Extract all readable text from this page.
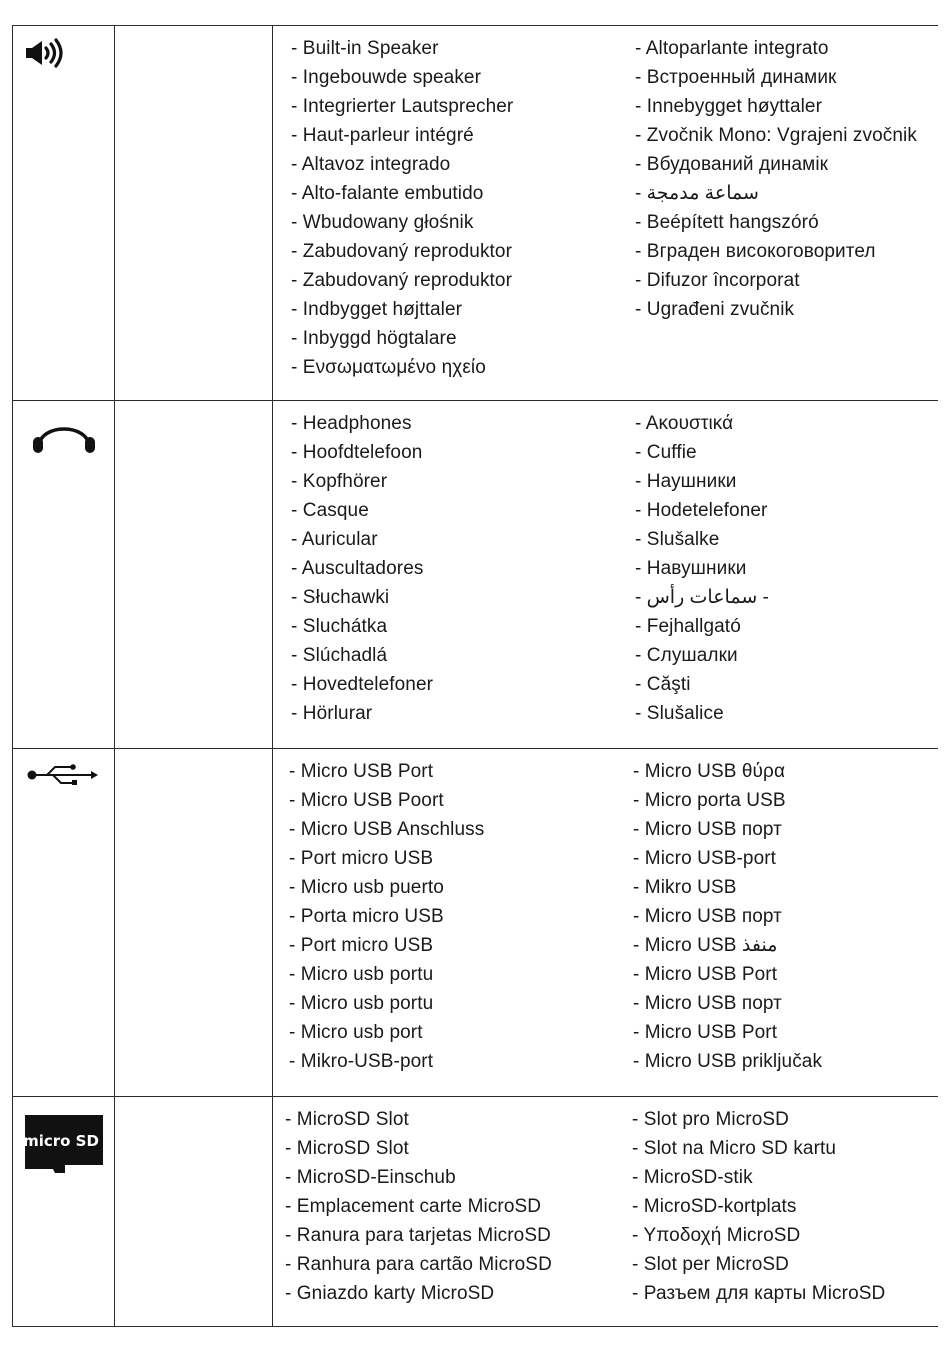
- Built-in Speaker
- Ingebouwde speaker
- Integrierter Lautsprecher
- Haut-parleur intégré
- Altavoz integrado
- Alto-falante embutido
- Wbudowany głośnik
- Zabudovaný reproduktor
- Zabudovaný reproduktor
- Indbygget højttaler
- Inbyggd högtalare
- Ενσωματωμένο ηχείο
- Altoparlante integrato
- Встроенный динамик
- Innebygget høyttaler
- Zvočnik Mono: Vgrajeni zvočnik
- Вбудований динамік
- سماعة مدمجة
- Beépített hangszóró
- Вграден високоговорител
- Difuzor încorporat
- Ugrađeni zvučnik
- Headphones
- Hoofdtelefoon
- Kopfhörer
- Casque
- Auricular
- Auscultadores
- Słuchawki
- Sluchátka
- Slúchadlá
- Hovedtelefoner
- Hörlurar
- Ακουστικά
- Cuffie
- Наушники
- Hodetelefoner
- Slušalke
- Навушники
- سماعات رأس -
- Fejhallgató
- Слушалки
- Căşti
- Slušalice
- Micro USB Port
- Micro USB Poort
- Micro USB Anschluss
- Port micro USB
- Micro usb puerto
- Porta micro USB
- Port micro USB
- Micro usb portu
- Micro usb portu
- Micro usb port
- Mikro-USB-port
- Micro USB θύρα
- Micro porta USB
- Micro USB порт
- Micro USB-port
- Mikro USB
- Micro USB порт
- Micro USB منفذ
- Micro USB Port
- Micro USB порт
- Micro USB Port
- Micro USB priključak
micro SD
- MicroSD Slot
- MicroSD Slot
- MicroSD-Einschub
- Emplacement carte MicroSD
- Ranura para tarjetas MicroSD
- Ranhura para cartão MicroSD
- Gniazdo karty MicroSD
- Slot pro MicroSD
- Slot na Micro SD kartu
- MicroSD-stik
- MicroSD-kortplats
- Υποδοχή MicroSD
- Slot per MicroSD
- Разъем для карты MicroSD
